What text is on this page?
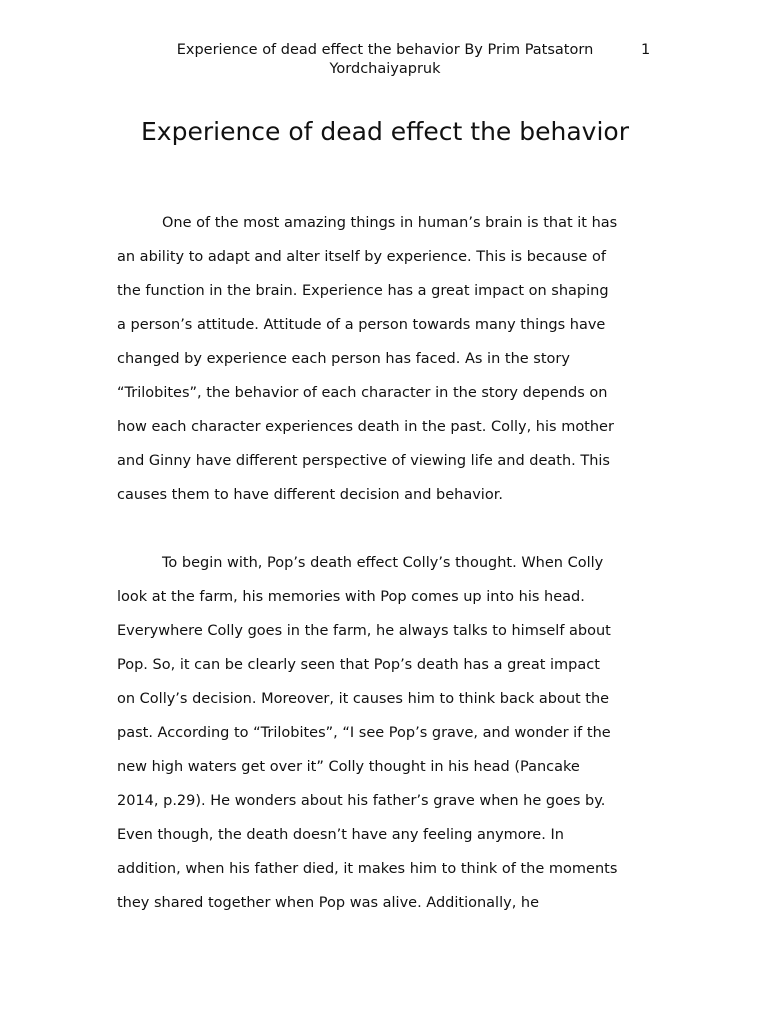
Experience of dead effect the behavior By Prim Patsatorn Yordchaiyapruk
1
Experience of dead effect the behavior
One of the most amazing things in human’s brain is that it has
an ability to adapt and alter itself by experience. This is because of
the function in the brain. Experience has a great impact on shaping
a person’s attitude. Attitude of a person towards many things have
changed by experience each person has faced. As in the story
“Trilobites”, the behavior of each character in the story depends on
how each character experiences death in the past. Colly, his mother
and Ginny have different perspective of viewing life and death. This
causes them to have different decision and behavior.
To begin with, Pop’s death effect Colly’s thought. When Colly
look at the farm, his memories with Pop comes up into his head.
Everywhere Colly goes in the farm, he always talks to himself about
Pop. So, it can be clearly seen that Pop’s death has a great impact
on Colly’s decision. Moreover, it causes him to think back about the
past. According to “Trilobites”, “I see Pop’s grave, and wonder if the
new high waters get over it” Colly thought in his head (Pancake
2014, p.29). He wonders about his father’s grave when he goes by.
Even though, the death doesn’t have any feeling anymore. In
addition, when his father died, it makes him to think of the moments
they shared together when Pop was alive. Additionally, he
